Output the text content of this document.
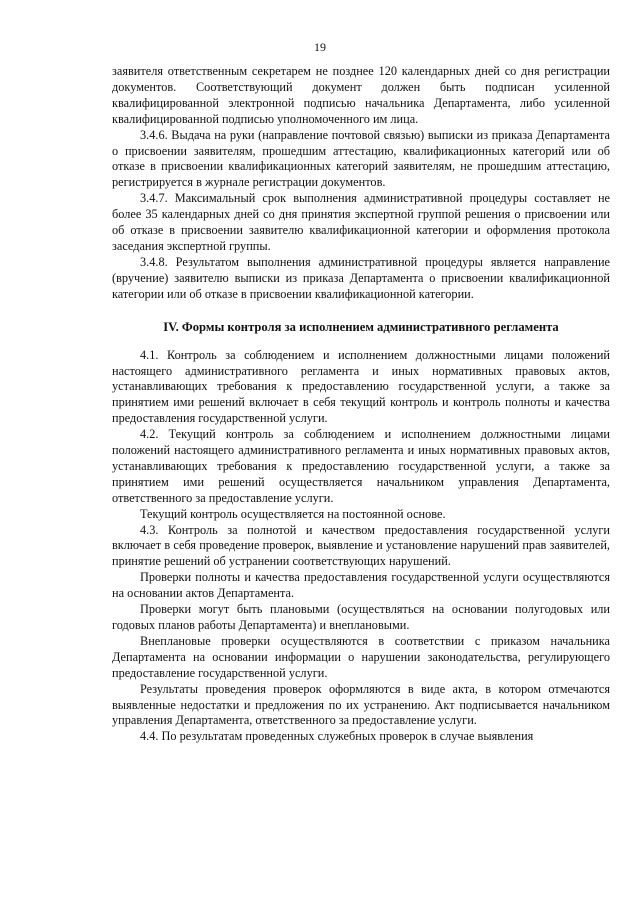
19

заявителя ответственным секретарем не позднее 120 календарных дней со дня регистрации документов. Соответствующий документ должен быть подписан усиленной квалифицированной электронной подписью начальника Департамента, либо усиленной квалифицированной подписью уполномоченного им лица.

3.4.6. Выдача на руки (направление почтовой связью) выписки из приказа Департамента о присвоении заявителям, прошедшим аттестацию, квалификационных категорий или об отказе в присвоении квалификационных категорий заявителям, не прошедшим аттестацию, регистрируется в журнале регистрации документов.

3.4.7. Максимальный срок выполнения административной процедуры составляет не более 35 календарных дней со дня принятия экспертной группой решения о присвоении или об отказе в присвоении заявителю квалификационной категории и оформления протокола заседания экспертной группы.

3.4.8. Результатом выполнения административной процедуры является направление (вручение) заявителю выписки из приказа Департамента о присвоении квалификационной категории или об отказе в присвоении квалификационной категории.

IV. Формы контроля за исполнением административного регламента

4.1. Контроль за соблюдением и исполнением должностными лицами положений настоящего административного регламента и иных нормативных правовых актов, устанавливающих требования к предоставлению государственной услуги, а также за принятием ими решений включает в себя текущий контроль и контроль полноты и качества предоставления государственной услуги.

4.2. Текущий контроль за соблюдением и исполнением должностными лицами положений настоящего административного регламента и иных нормативных правовых актов, устанавливающих требования к предоставлению государственной услуги, а также за принятием ими решений осуществляется начальником управления Департамента, ответственного за предоставление услуги.

Текущий контроль осуществляется на постоянной основе.

4.3. Контроль за полнотой и качеством предоставления государственной услуги включает в себя проведение проверок, выявление и установление нарушений прав заявителей, принятие решений об устранении соответствующих нарушений.

Проверки полноты и качества предоставления государственной услуги осуществляются на основании актов Департамента.

Проверки могут быть плановыми (осуществляться на основании полугодовых или годовых планов работы Департамента) и внеплановыми.

Внеплановые проверки осуществляются в соответствии с приказом начальника Департамента на основании информации о нарушении законодательства, регулирующего предоставление государственной услуги.

Результаты проведения проверок оформляются в виде акта, в котором отмечаются выявленные недостатки и предложения по их устранению. Акт подписывается начальником управления Департамента, ответственного за предоставление услуги.

4.4. По результатам проведенных служебных проверок в случае выявления
